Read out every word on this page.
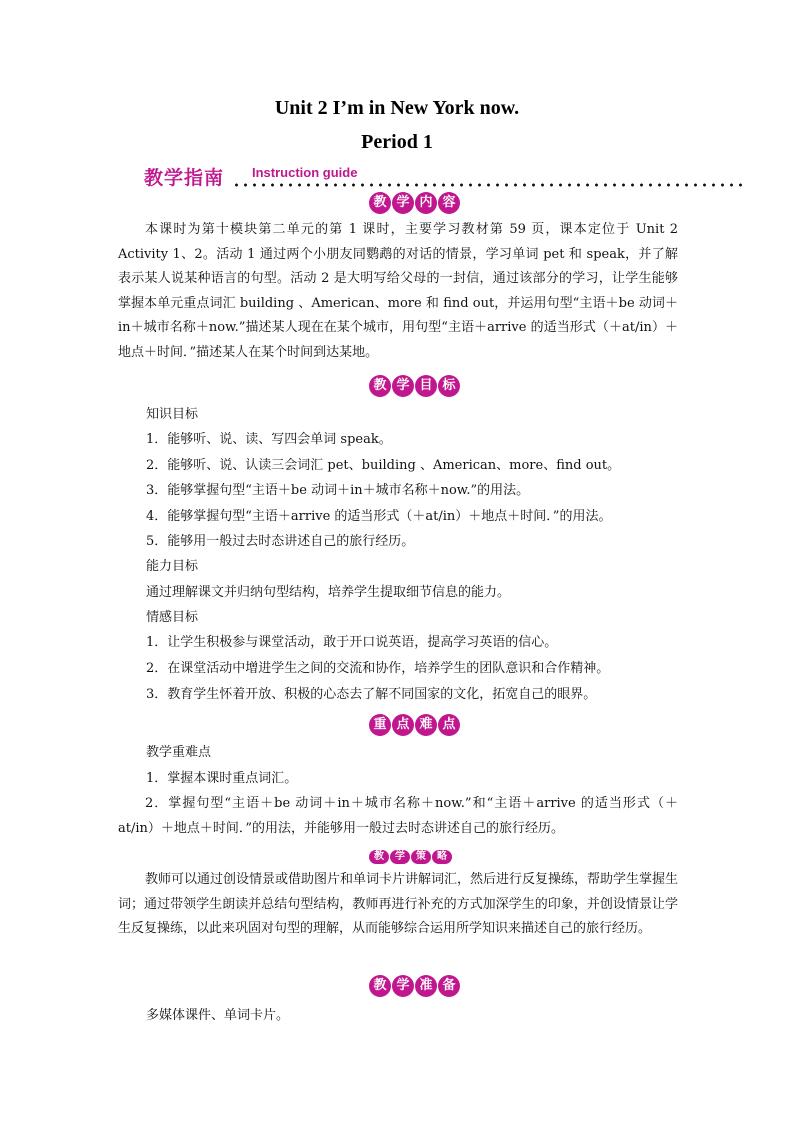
Unit 2 I’m in New York now.
Period 1
教学指南 Instruction guide
教 学 内 容

本课时为第十模块第二单元的第 1 课时，主要学习教材第 59 页，课本定位于 Unit 2 Activity 1、2。活动 1 通过两个小朋友同鹦鹉的对话的情景，学习单词 pet 和 speak，并了解表示某人说某种语言的句型。活动 2 是大明写给父母的一封信，通过该部分的学习，让学生能够掌握本单元重点词汇 building 、American、more 和 find out，并运用句型“主语＋be 动词＋in＋城市名称＋now.”描述某人现在在某个城市，用句型“主语＋arrive 的适当形式（＋at/in）＋地点＋时间．”描述某人在某个时间到达某地。

教 学 目 标
知识目标
1．能够听、说、读、写四会单词 speak。
2．能够听、说、认读三会词汇 pet、building 、American、more、find out。
3．能够掌握句型“主语＋be 动词＋in＋城市名称＋now.”的用法。
4．能够掌握句型“主语＋arrive 的适当形式（＋at/in）＋地点＋时间．”的用法。
5．能够用一般过去时态讲述自己的旅行经历。
能力目标
通过理解课文并归纳句型结构，培养学生提取细节信息的能力。
情感目标
1．让学生积极参与课堂活动，敢于开口说英语，提高学习英语的信心。
2．在课堂活动中增进学生之间的交流和协作，培养学生的团队意识和合作精神。
3．教育学生怀着开放、积极的心态去了解不同国家的文化，拓宽自己的眼界。
重 点 难 点
教学重难点
1．掌握本课时重点词汇。

2．掌握句型“主语＋be 动词＋in＋城市名称＋now.”和“主语＋arrive 的适当形式（＋at/in）＋地点＋时间．”的用法，并能够用一般过去时态讲述自己的旅行经历。

教	学	策	略

教师可以通过创设情景或借助图片和单词卡片讲解词汇，然后进行反复操练，帮助学生掌握生词；通过带领学生朗读并总结句型结构，教师再进行补充的方式加深学生的印象，并创设情景让学生反复操练，以此来巩固对句型的理解，从而能够综合运用所学知识来描述自己的旅行经历。

教 学 准 备
多媒体课件、单词卡片。
